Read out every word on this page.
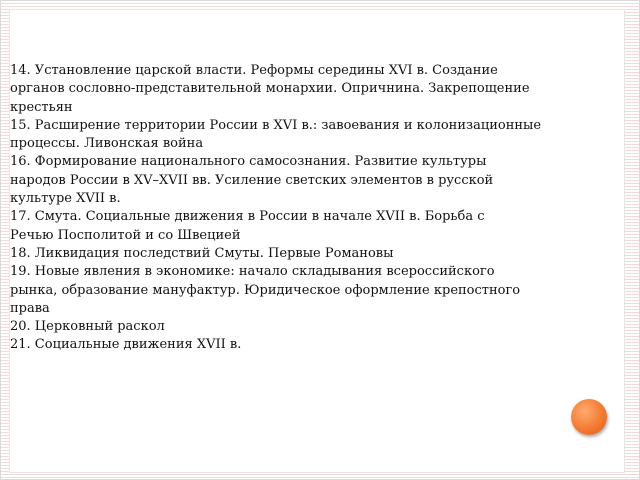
14. Установление царской власти. Реформы середины XVI в. Создание
органов сословно-представительной монархии. Опричнина. Закрепощение
крестьян
15. Расширение территории России в XVI в.: завоевания и колонизационные
процессы. Ливонская война
16. Формирование национального самосознания. Развитие культуры
народов России в XV–XVII вв. Усиление светских элементов в русской
культуре XVII в.
17. Смута. Социальные движения в России в начале XVII в. Борьба с
Речью Посполитой и со Швецией
18. Ликвидация последствий Смуты. Первые Романовы
19. Новые явления в экономике: начало складывания всероссийского
рынка, образование мануфактур. Юридическое оформление крепостного
права
20. Церковный раскол
21. Социальные движения XVII в.
